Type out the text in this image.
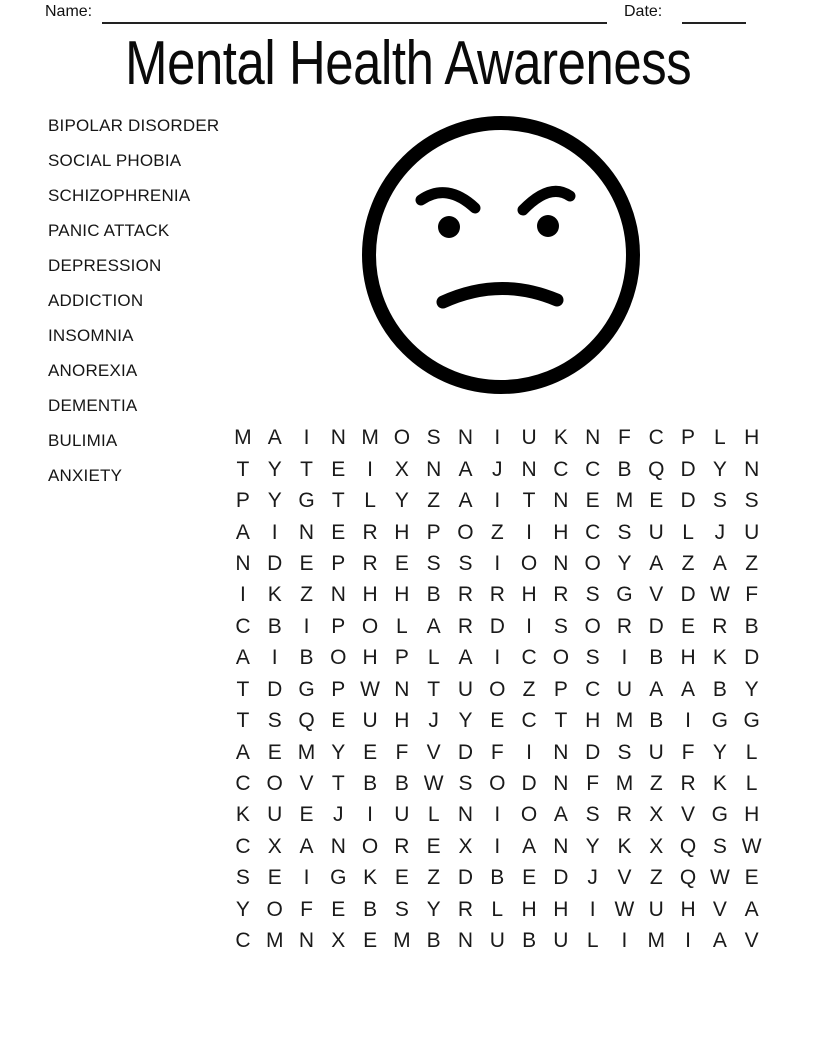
Name:	Date:
Mental Health Awareness
BIPOLAR DISORDER
SOCIAL PHOBIA
SCHIZOPHRENIA
PANIC ATTACK
DEPRESSION
ADDICTION
INSOMNIA
ANOREXIA
DEMENTIA
BULIMIA
ANXIETY
M A	I	N M O S N	I	U K N F C P L H
T Y T E	I	X N A J N C C B Q D Y N
P Y G T L Y Z A	I	T N E M E D S S
A	I	N E R H P O Z	I	H C S U L J U
N D E P R E S S	I O N O Y A Z A Z
I	K Z N H H B R R H R S G V D W F
C B	I	P O L A R D	I	S O R D E R B
A	I	B O H P L A	I	C O S	I	B H K D
T D G P W N T U O Z P C U A A B Y
T S Q E U H J Y E C T H M B	I G G
A E M Y E F V D F	I	N D S U F Y L
C O V T B B W S O D N F M Z R K L
K U E J	I	U L N	I O A S R X V G H
C X A N O R E X	I	A N Y K X Q S W
S E	I G K E Z D B E D J V Z Q W E
Y O F E B S Y R L H H	I W U H V A
C M N X E M B N U B U L	I M I	A V
